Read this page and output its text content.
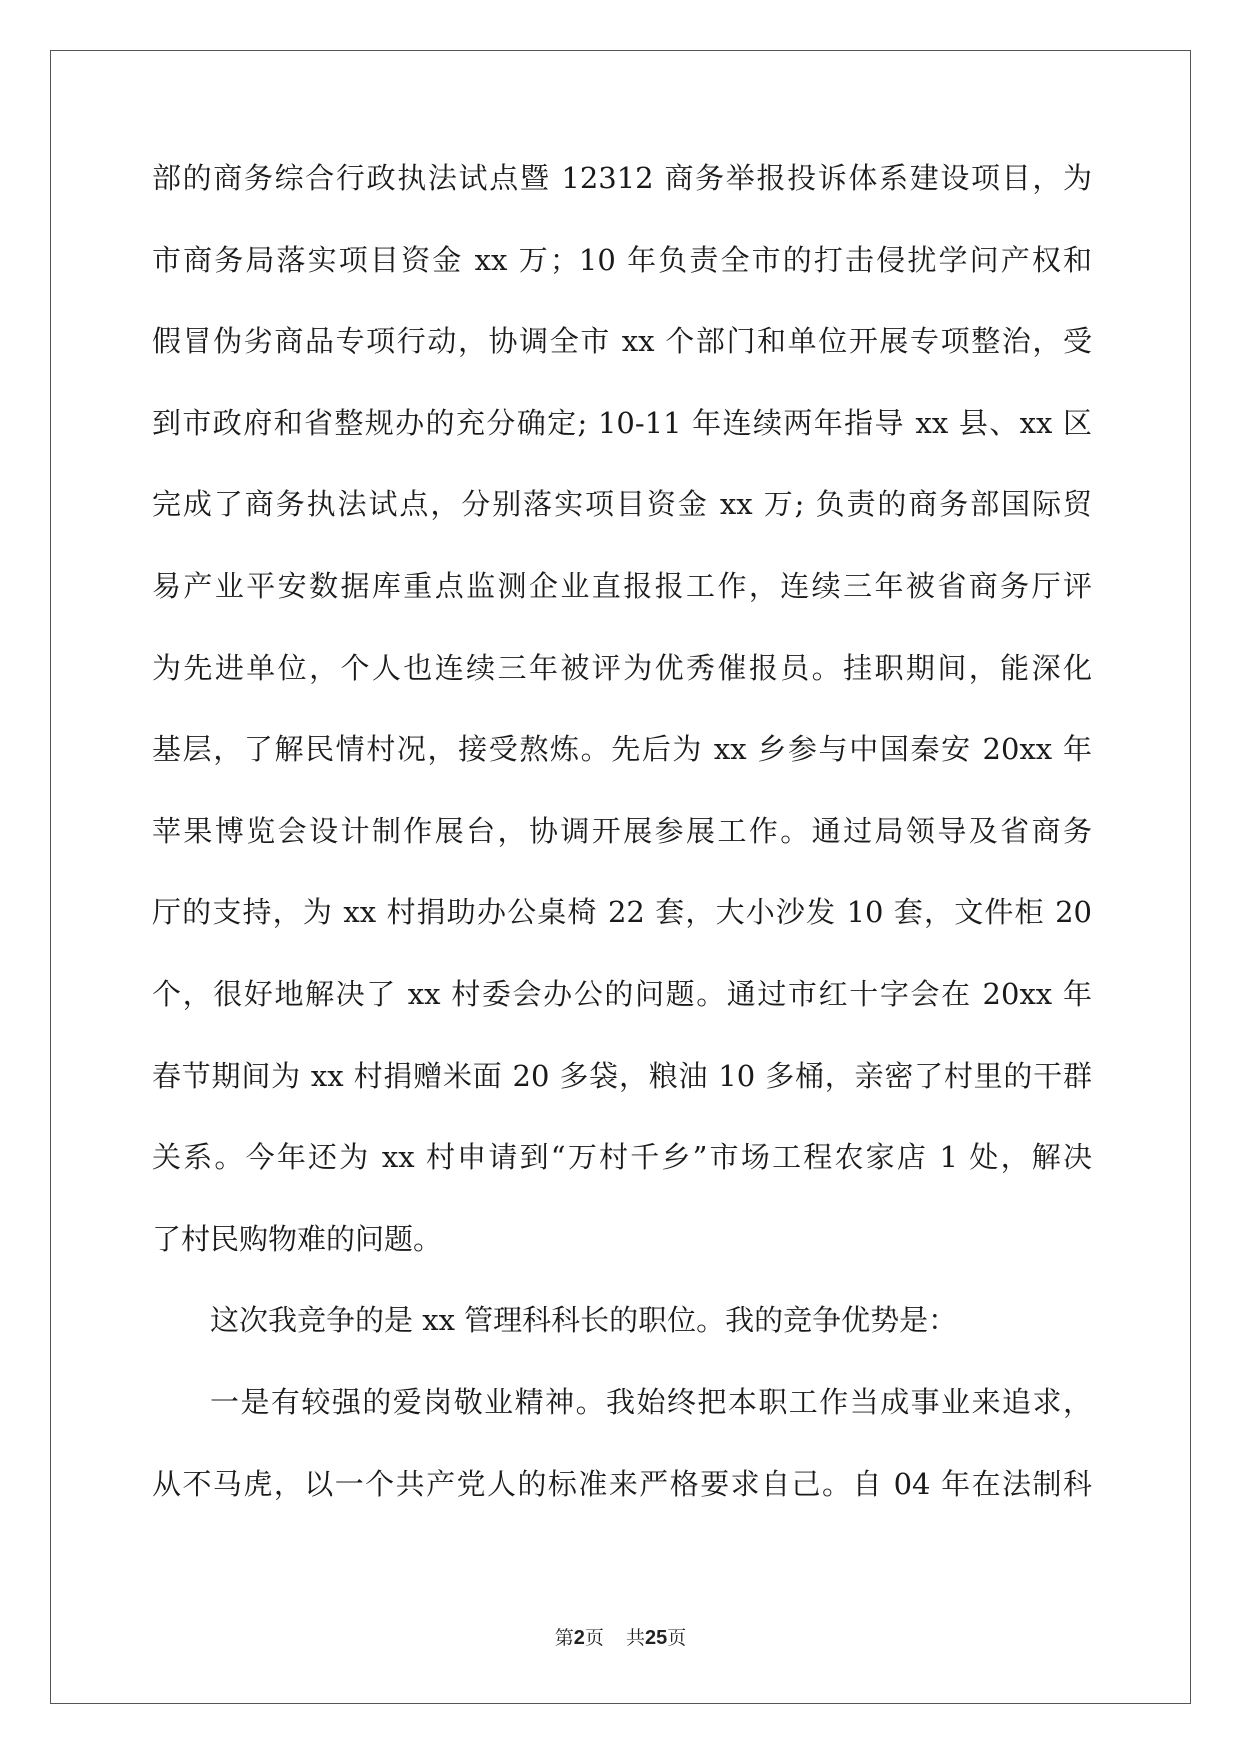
部的商务综合行政执法试点暨 12312 商务举报投诉体系建设项目，为
市商务局落实项目资金 xx 万；10 年负责全市的打击侵扰学问产权和
假冒伪劣商品专项行动，协调全市 xx 个部门和单位开展专项整治，受
到市政府和省整规办的充分确定; 10-11 年连续两年指导 xx 县、xx 区
完成了商务执法试点，分别落实项目资金 xx 万; 负责的商务部国际贸
易产业平安数据库重点监测企业直报报工作，连续三年被省商务厅评
为先进单位，个人也连续三年被评为优秀催报员。挂职期间，能深化
基层，了解民情村况，接受熬炼。先后为 xx 乡参与中国秦安 20xx 年
苹果博览会设计制作展台，协调开展参展工作。通过局领导及省商务
厅的支持，为 xx 村捐助办公桌椅 22 套，大小沙发 10 套，文件柜 20
个，很好地解决了 xx 村委会办公的问题。通过市红十字会在 20xx 年
春节期间为 xx 村捐赠米面 20 多袋，粮油 10 多桶，亲密了村里的干群
关系。今年还为 xx 村申请到“万村千乡”市场工程农家店 1 处，解决
了村民购物难的问题。
这次我竞争的是 xx 管理科科长的职位。我的竞争优势是：
一是有较强的爱岗敬业精神。我始终把本职工作当成事业来追求，
从不马虎，以一个共产党人的标准来严格要求自己。自 04 年在法制科
第2页 共25页
